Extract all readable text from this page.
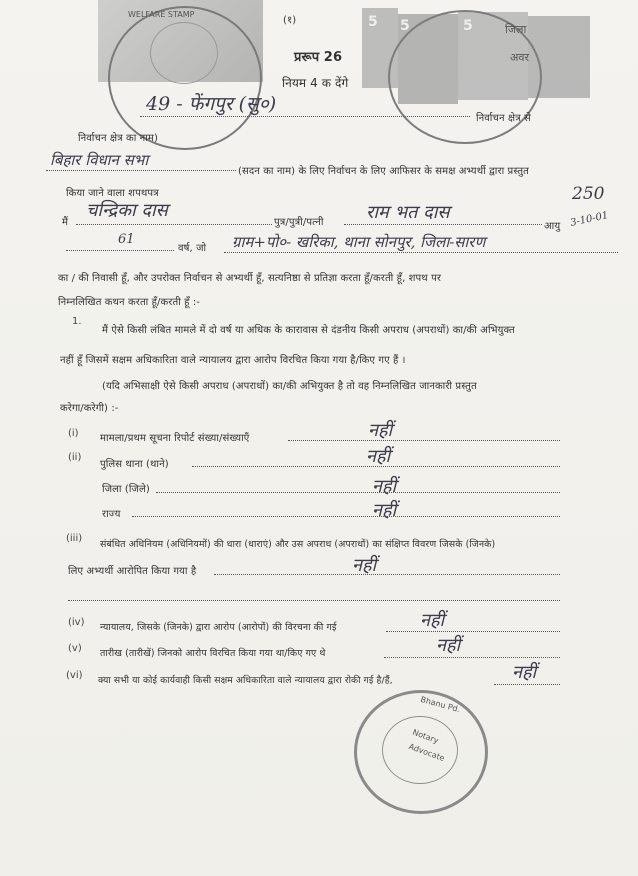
WELFARE STAMP
जिला
अवर
5 5	5
(१)
प्ररूप 26
नियम 4 क देंगे
49 - फेंगपुर (सु०)
निर्वाचन क्षेत्र से
निर्वाचन क्षेत्र का नाम)
बिहार विधान सभा
(सदन का नाम) के लिए निर्वाचन के लिए आफिसर के समक्ष अभ्यर्थी द्वारा प्रस्तुत
किया जाने वाला शपथपत्र	250
3-10-01
मैं
चन्द्रिका दास
पुत्र/पुत्री/पत्नी राम भत दास
आयु
61
वर्ष, जो ग्राम+पो०- खरिका, थाना सोनपुर, जिला-सारण
का / की निवासी हूँ, और उपरोक्त निर्वाचन से अभ्यर्थी हूँ, सत्यनिष्ठा से प्रतिज्ञा करता हूँ/करती हूँ, शपथ पर
निम्नलिखित कथन करता हूँ/करती हूँ :-
1.
मैं ऐसे किसी लंबित मामले में दो वर्ष या अधिक के कारावास से दंडनीय किसी अपराध (अपराधों) का/की अभियुक्त
नहीं हूँ जिसमें सक्षम अधिकारिता वाले न्यायालय द्वारा आरोप विरचित किया गया है/किए गए हैं ।
(यदि अभिसाक्षी ऐसे किसी अपराध (अपराधों) का/की अभियुक्त है तो वह निम्नलिखित जानकारी प्रस्तुत
करेगा/करेगी) :-
(i) मामला/प्रथम सूचना रिपोर्ट संख्या/संख्याएँ	नहीं
(ii)
पुलिस थाना (थाने)	नहीं
जिला (जिले)	नहीं
राज्य	नहीं
(iii)
संबंधित अधिनियम (अधिनियमों) की धारा (धाराएं) और उस अपराध (अपराधों) का संक्षिप्त विवरण जिसके (जिनके)
लिए अभ्यर्थी आरोपित किया गया है	नहीं
(iv) न्यायालय, जिसके (जिनके) द्वारा आरोप (आरोपों) की विरचना की गई	नहीं
(v) तारीख (तारीखें) जिनको आरोप विरचित किया गया था/किए गए थे	नहीं
(vi) क्या सभी या कोई कार्यवाही किसी सक्षम अधिकारिता वाले न्यायालय द्वारा रोकी गई है/हैं,	नहीं
Notary
Bhanu Pd.
Advocate
